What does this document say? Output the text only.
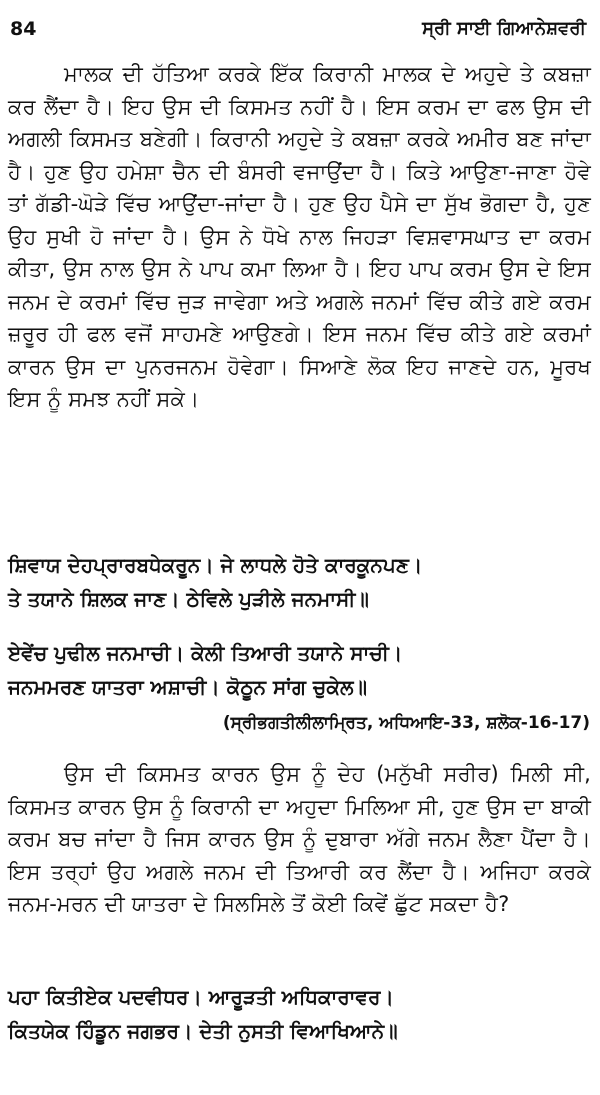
84	ਸ੍ਰੀ ਸਾਈ ਗਿਆਨੇਸ਼ਵਰੀ

ਮਾਲਕ ਦੀ ਹੱਤਿਆ ਕਰਕੇ ਇੱਕ ਕਿਰਾਨੀ ਮਾਲਕ ਦੇ ਅਹੁਦੇ ਤੇ ਕਬਜ਼ਾ ਕਰ ਲੈਂਦਾ ਹੈ। ਇਹ ਉਸ ਦੀ ਕਿਸਮਤ ਨਹੀਂ ਹੈ। ਇਸ ਕਰਮ ਦਾ ਫਲ ਉਸ ਦੀ ਅਗਲੀ ਕਿਸਮਤ ਬਣੇਗੀ। ਕਿਰਾਨੀ ਅਹੁਦੇ ਤੇ ਕਬਜ਼ਾ ਕਰਕੇ ਅਮੀਰ ਬਣ ਜਾਂਦਾ ਹੈ। ਹੁਣ ਉਹ ਹਮੇਸ਼ਾ ਚੈਨ ਦੀ ਬੰਸਰੀ ਵਜਾਉਂਦਾ ਹੈ। ਕਿਤੇ ਆਉਣਾ-ਜਾਣਾ ਹੋਵੇ ਤਾਂ ਗੱਡੀ-ਘੋੜੇ ਵਿੱਚ ਆਉਂਦਾ-ਜਾਂਦਾ ਹੈ। ਹੁਣ ਉਹ ਪੈਸੇ ਦਾ ਸੁੱਖ ਭੋਗਦਾ ਹੈ, ਹੁਣ ਉਹ ਸੁਖੀ ਹੋ ਜਾਂਦਾ ਹੈ। ਉਸ ਨੇ ਧੋਖੇ ਨਾਲ ਜਿਹੜਾ ਵਿਸ਼ਵਾਸਘਾਤ ਦਾ ਕਰਮ ਕੀਤਾ, ਉਸ ਨਾਲ ਉਸ ਨੇ ਪਾਪ ਕਮਾ ਲਿਆ ਹੈ। ਇਹ ਪਾਪ ਕਰਮ ਉਸ ਦੇ ਇਸ ਜਨਮ ਦੇ ਕਰਮਾਂ ਵਿੱਚ ਜੁੜ ਜਾਵੇਗਾ ਅਤੇ ਅਗਲੇ ਜਨਮਾਂ ਵਿੱਚ ਕੀਤੇ ਗਏ ਕਰਮ ਜ਼ਰੂਰ ਹੀ ਫਲ ਵਜੋਂ ਸਾਹਮਣੇ ਆਉਣਗੇ। ਇਸ ਜਨਮ ਵਿੱਚ ਕੀਤੇ ਗਏ ਕਰਮਾਂ ਕਾਰਨ ਉਸ ਦਾ ਪੁਨਰਜਨਮ ਹੋਵੇਗਾ। ਸਿਆਣੇ ਲੋਕ ਇਹ ਜਾਣਦੇ ਹਨ, ਮੂਰਖ ਇਸ ਨੂੰ ਸਮਝ ਨਹੀਂ ਸਕੇ।

ਸ਼ਿਵਾਯ ਦੇਹਪ੍ਰਾਰਬਧੇਕਰੂਨ। ਜੇ ਲਾਧਲੇ ਹੋਤੇ ਕਾਰਕੂਨਪਣ।
ਤੇ ਤਯਾਨੇ ਸ਼ਿਲਕ ਜਾਣ। ਠੇਵਿਲੇ ਪੁੜੀਲੇ ਜਨਮਾਸੀ॥
ਏਵੇਂਚ ਪੁਢੀਲ ਜਨਮਾਚੀ। ਕੇਲੀ ਤਿਆਰੀ ਤਯਾਨੇ ਸਾਚੀ।
ਜਨਮਮਰਣ ਯਾਤਰਾ ਅਸ਼ਾਚੀ। ਕੋਠੂਨ ਸਾਂਗ ਚੁਕੇਲ॥
(ਸ੍ਰੀਭਗਤੀਲੀਲਾਮ੍ਰਿਤ, ਅਧਿਆਇ-33, ਸ਼ਲੋਕ-16-17)

ਉਸ ਦੀ ਕਿਸਮਤ ਕਾਰਨ ਉਸ ਨੂੰ ਦੇਹ (ਮਨੁੱਖੀ ਸਰੀਰ) ਮਿਲੀ ਸੀ, ਕਿਸਮਤ ਕਾਰਨ ਉਸ ਨੂੰ ਕਿਰਾਨੀ ਦਾ ਅਹੁਦਾ ਮਿਲਿਆ ਸੀ, ਹੁਣ ਉਸ ਦਾ ਬਾਕੀ ਕਰਮ ਬਚ ਜਾਂਦਾ ਹੈ ਜਿਸ ਕਾਰਨ ਉਸ ਨੂੰ ਦੁਬਾਰਾ ਅੱਗੇ ਜਨਮ ਲੈਣਾ ਪੈਂਦਾ ਹੈ। ਇਸ ਤਰ੍ਹਾਂ ਉਹ ਅਗਲੇ ਜਨਮ ਦੀ ਤਿਆਰੀ ਕਰ ਲੈਂਦਾ ਹੈ। ਅਜਿਹਾ ਕਰਕੇ ਜਨਮ-ਮਰਨ ਦੀ ਯਾਤਰਾ ਦੇ ਸਿਲਸਿਲੇ ਤੋਂ ਕੋਈ ਕਿਵੇਂ ਛੁੱਟ ਸਕਦਾ ਹੈ?

ਪਹਾ ਕਿਤੀਏਕ ਪਦਵੀਧਰ। ਆਰੂੜਤੀ ਅਧਿਕਾਰਾਵਰ।
ਕਿਤਯੇਕ ਹਿੰਡੂਨ ਜਗਭਰ। ਦੇਤੀ ਨੁਸਤੀ ਵਿਆਖਿਆਨੇ॥
